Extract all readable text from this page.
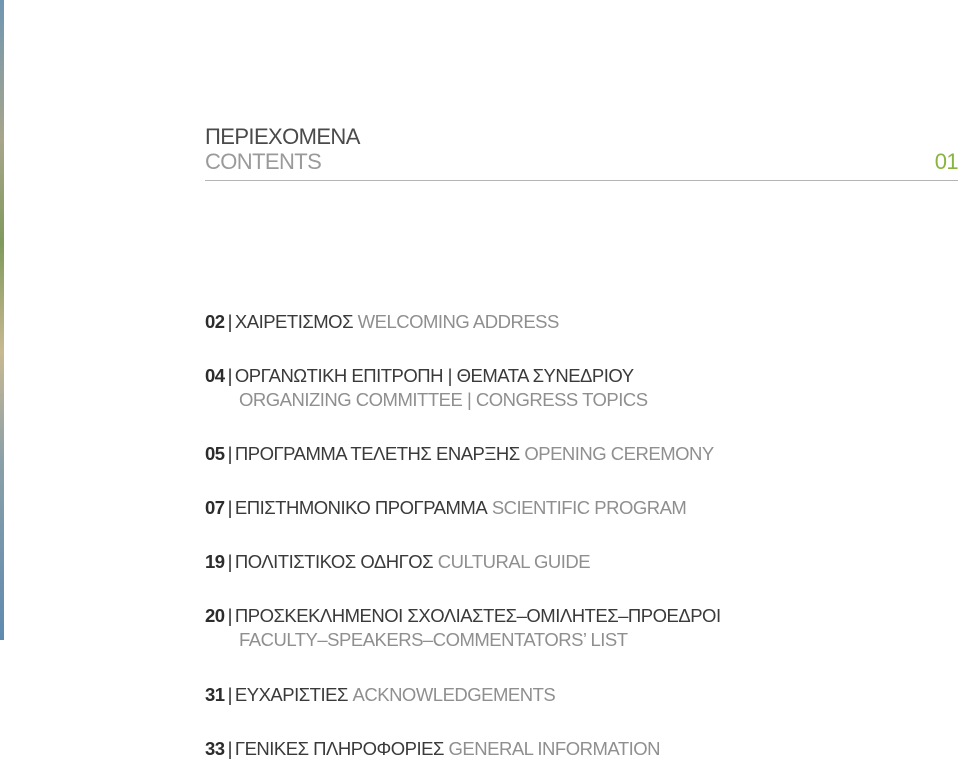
ΠΕΡΙΕΧΟΜΕΝΑ
CONTENTS	01
02 | ΧΑΙΡΕΤΙΣΜΟΣ WELCOMING ADDRESS
04 | ΟΡΓΑΝΩΤΙΚΗ ΕΠΙΤΡΟΠΗ | ΘΕΜΑΤΑ ΣΥΝΕΔΡΙΟΥ
ORGANIZING COMMITTEE | CONGRESS TOPICS
05 | ΠΡΟΓΡΑΜΜΑ ΤΕΛΕΤΗΣ ΕΝΑΡΞΗΣ OPENING CEREMONY
07 | ΕΠΙΣΤΗΜΟΝΙΚΟ ΠΡΟΓΡΑΜΜΑ SCIENTIFIC PROGRAM
19 | ΠΟΛΙΤΙΣΤΙΚΟΣ ΟΔΗΓΟΣ CULTURAL GUIDE
20 | ΠΡΟΣΚΕΚΛΗΜΕΝΟΙ ΣΧΟΛΙΑΣΤΕΣ–ΟΜΙΛΗΤΕΣ–ΠΡΟΕΔΡΟΙ
FACULTY–SPEAKERS–COMMENTATORS’ LIST
31 | ΕΥΧΑΡΙΣΤΙΕΣ ACKNOWLEDGEMENTS
33 | ΓΕΝΙΚΕΣ ΠΛΗΡΟΦΟΡΙΕΣ GENERAL INFORMATION
